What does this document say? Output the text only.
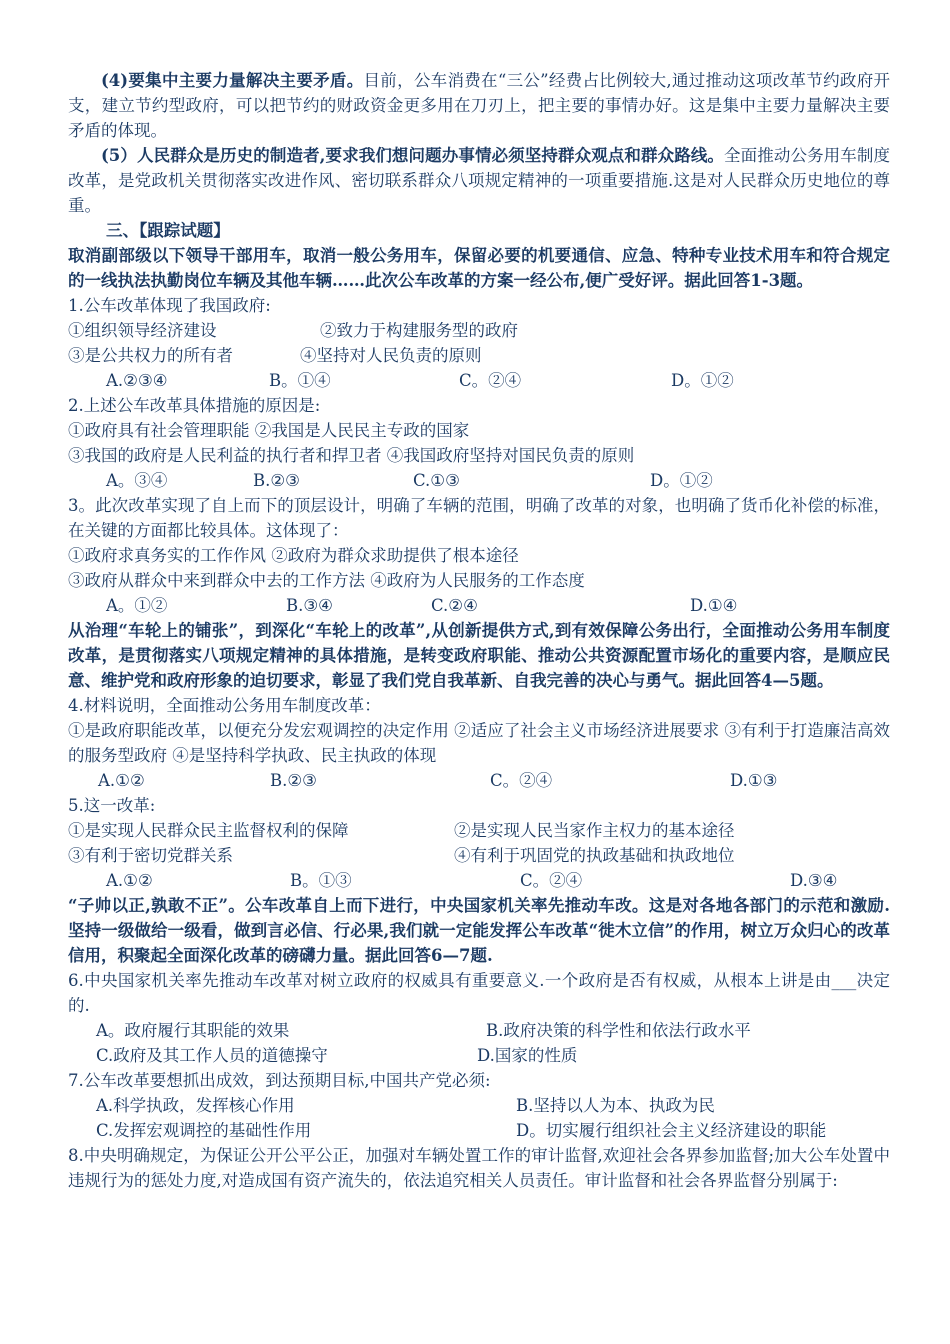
(4)要集中主要力量解决主要矛盾。目前，公车消费在“三公”经费占比例较大,通过推动这项改革节约政府开支，建立节约型政府，可以把节约的财政资金更多用在刀刃上，把主要的事情办好。这是集中主要力量解决主要矛盾的体现。

(5）人民群众是历史的制造者,要求我们想问题办事情必须坚持群众观点和群众路线。全面推动公务用车制度改革，是党政机关贯彻落实改进作风、密切联系群众八项规定精神的一项重要措施.这是对人民群众历史地位的尊重。

三、【跟踪试题】

取消副部级以下领导干部用车，取消一般公务用车，保留必要的机要通信、应急、特种专业技术用车和符合规定的一线执法执勤岗位车辆及其他车辆……此次公车改革的方案一经公布,便广受好评。据此回答1-3题。

1.公车改革体现了我国政府:

①组织领导经济建设	②致力于构建服务型的政府
③是公共权力的所有者	④坚持对人民负责的原则
A.②③④	B。①④	C。②④	D。①②

2.上述公车改革具体措施的原因是:

①政府具有社会管理职能 ②我国是人民民主专政的国家

③我国的政府是人民利益的执行者和捍卫者 ④我国政府坚持对国民负责的原则

A。③④	B.②③	C.①③	D。①②

3。此次改革实现了自上而下的顶层设计，明确了车辆的范围，明确了改革的对象，也明确了货币化补偿的标准，在关键的方面都比较具体。这体现了：

①政府求真务实的工作作风 ②政府为群众求助提供了根本途径

③政府从群众中来到群众中去的工作方法 ④政府为人民服务的工作态度

A。①②	B.③④	C.②④	D.①④

从治理“车轮上的铺张”，到深化“车轮上的改革”,从创新提供方式,到有效保障公务出行，全面推动公务用车制度改革，是贯彻落实八项规定精神的具体措施，是转变政府职能、推动公共资源配置市场化的重要内容，是顺应民意、维护党和政府形象的迫切要求，彰显了我们党自我革新、自我完善的决心与勇气。据此回答4—5题。

4.材料说明，全面推动公务用车制度改革：

①是政府职能改革，以便充分发宏观调控的决定作用 ②适应了社会主义市场经济进展要求 ③有利于打造廉洁高效的服务型政府 ④是坚持科学执政、民主执政的体现

A.①②	B.②③	C。②④	D.①③

5.这一改革:

①是实现人民群众民主监督权利的保障	②是实现人民当家作主权力的基本途径
③有利于密切党群关系	④有利于巩固党的执政基础和执政地位
A.①②	B。①③	C。②④	D.③④

“子帅以正,孰敢不正”。公车改革自上而下进行，中央国家机关率先推动车改。这是对各地各部门的示范和激励.坚持一级做给一级看，做到言必信、行必果,我们就一定能发挥公车改革“徙木立信”的作用，树立万众归心的改革信用，积聚起全面深化改革的磅礴力量。据此回答6—7题.

6.中央国家机关率先推动车改革对树立政府的权威具有重要意义.一个政府是否有权威，从根本上讲是由___决定的.

A。政府履行其职能的效果	B.政府决策的科学性和依法行政水平
C.政府及其工作人员的道德操守	D.国家的性质

7.公车改革要想抓出成效，到达预期目标,中国共产党必须:

A.科学执政，发挥核心作用	B.坚持以人为本、执政为民
C.发挥宏观调控的基础性作用	D。切实履行组织社会主义经济建设的职能

8.中央明确规定，为保证公开公平公正，加强对车辆处置工作的审计监督,欢迎社会各界参加监督;加大公车处置中违规行为的惩处力度,对造成国有资产流失的，依法追究相关人员责任。审计监督和社会各界监督分别属于:
